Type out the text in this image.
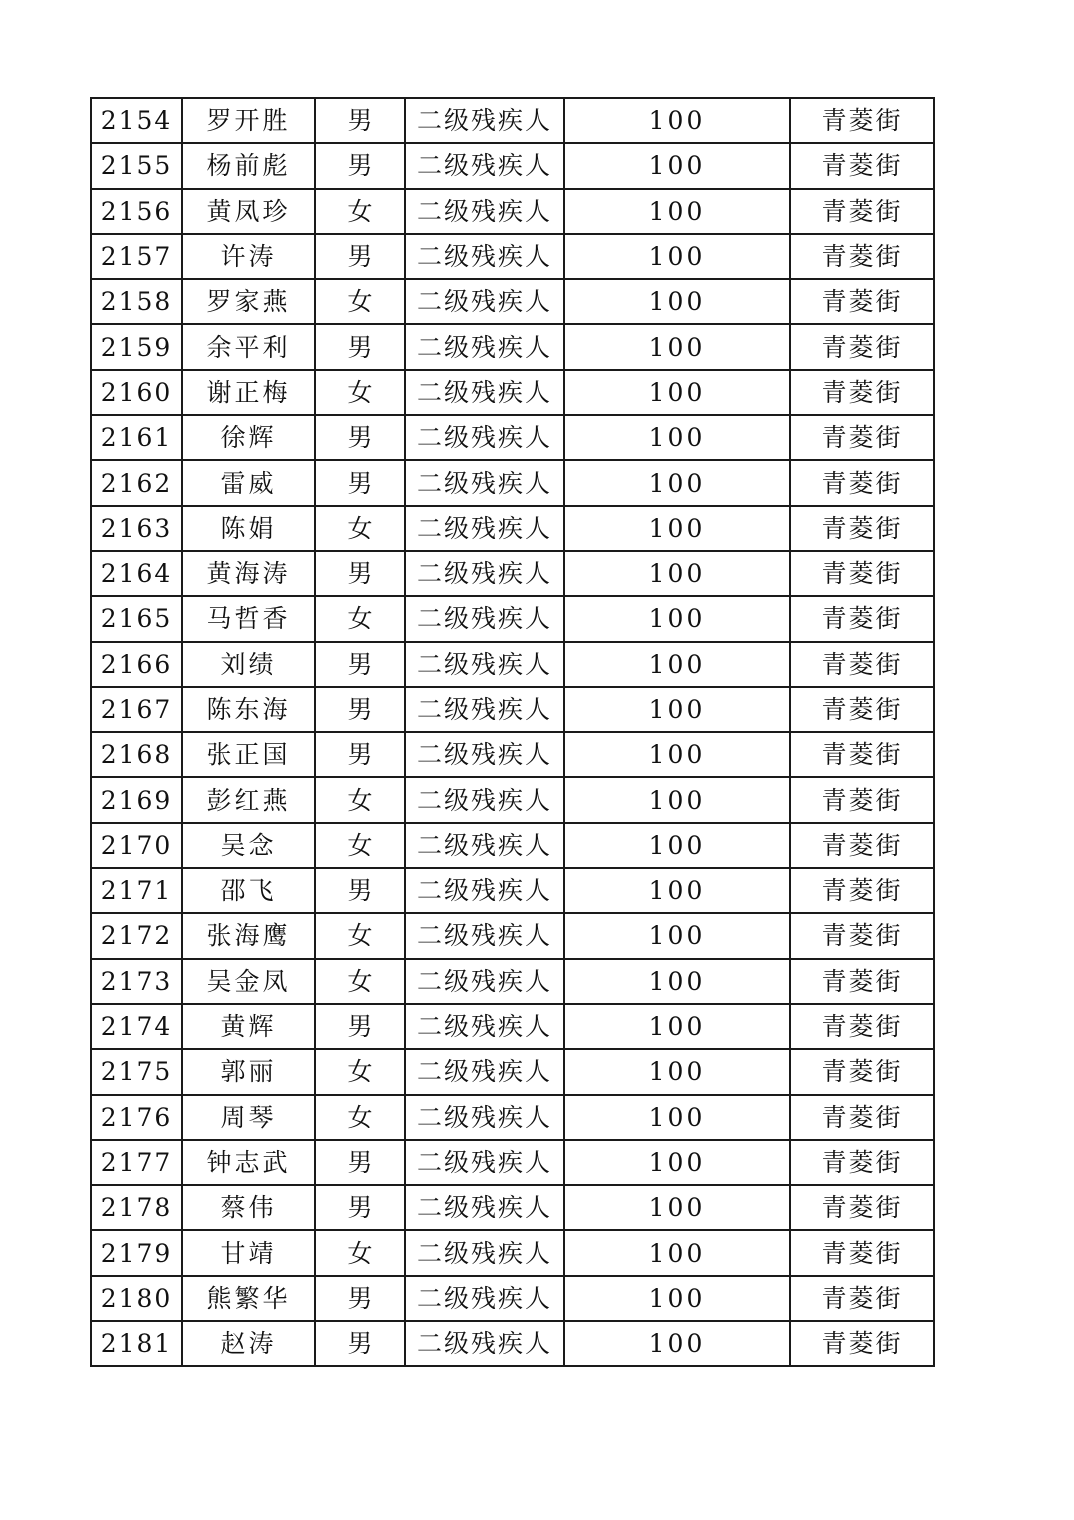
2154	罗开胜	男	二级残疾人	100	青菱街
2155	杨前彪	男	二级残疾人	100	青菱街
2156	黄凤珍	女	二级残疾人	100	青菱街
2157	许涛	男	二级残疾人	100	青菱街
2158	罗家燕	女	二级残疾人	100	青菱街
2159	余平利	男	二级残疾人	100	青菱街
2160	谢正梅	女	二级残疾人	100	青菱街
2161	徐辉	男	二级残疾人	100	青菱街
2162	雷威	男	二级残疾人	100	青菱街
2163	陈娟	女	二级残疾人	100	青菱街
2164	黄海涛	男	二级残疾人	100	青菱街
2165	马哲香	女	二级残疾人	100	青菱街
2166	刘绩	男	二级残疾人	100	青菱街
2167	陈东海	男	二级残疾人	100	青菱街
2168	张正国	男	二级残疾人	100	青菱街
2169	彭红燕	女	二级残疾人	100	青菱街
2170	吴念	女	二级残疾人	100	青菱街
2171	邵飞	男	二级残疾人	100	青菱街
2172	张海鹰	女	二级残疾人	100	青菱街
2173	吴金凤	女	二级残疾人	100	青菱街
2174	黄辉	男	二级残疾人	100	青菱街
2175	郭丽	女	二级残疾人	100	青菱街
2176	周琴	女	二级残疾人	100	青菱街
2177	钟志武	男	二级残疾人	100	青菱街
2178	蔡伟	男	二级残疾人	100	青菱街
2179	甘靖	女	二级残疾人	100	青菱街
2180	熊繁华	男	二级残疾人	100	青菱街
2181	赵涛	男	二级残疾人	100	青菱街
